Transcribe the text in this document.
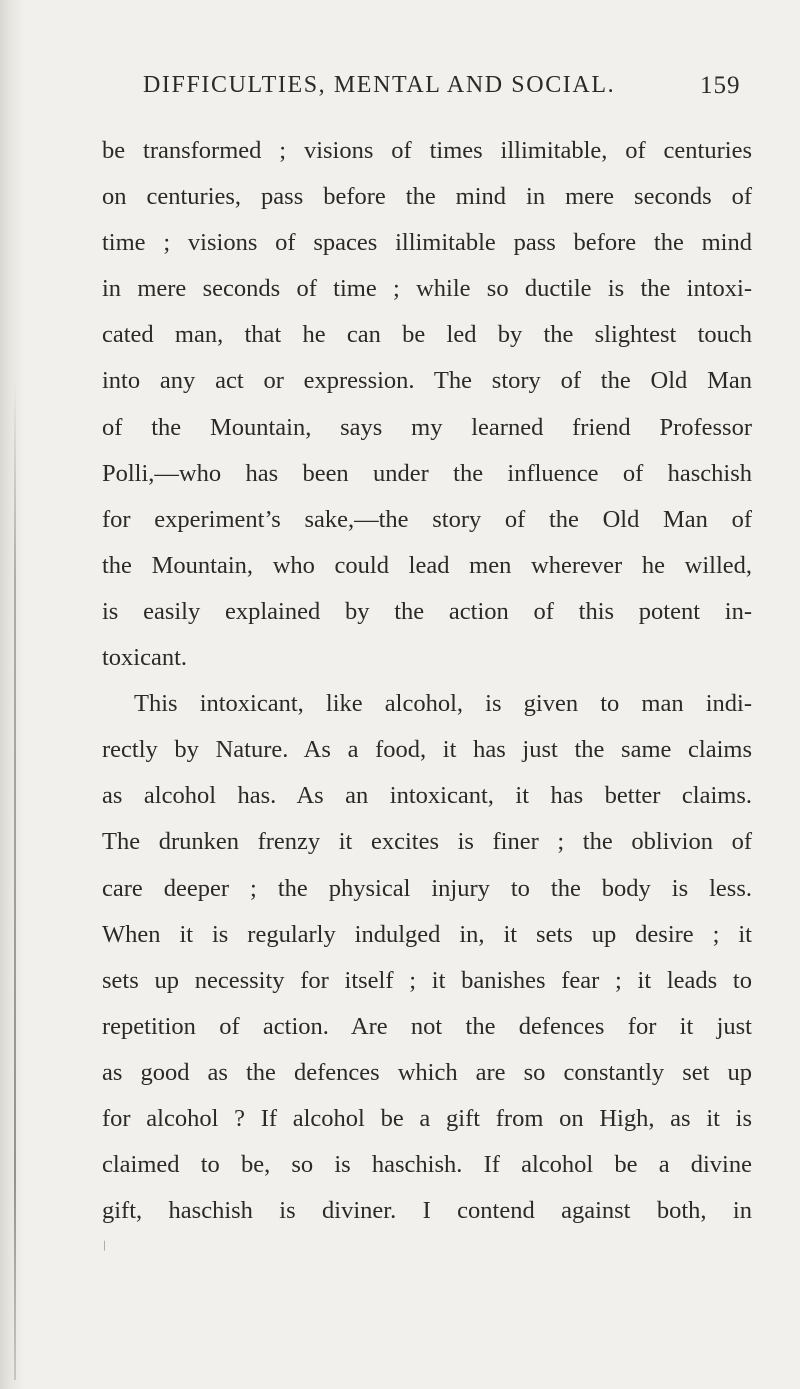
DIFFICULTIES, MENTAL AND SOCIAL.	159
be transformed ; visions of times illimitable, of centuries
on centuries, pass before the mind in mere seconds of
time ; visions of spaces illimitable pass before the mind
in mere seconds of time ; while so ductile is the intoxi-
cated man, that he can be led by the slightest touch
into any act or expression. The story of the Old Man
of the Mountain, says my learned friend Professor
Polli,—who has been under the influence of haschish
for experiment’s sake,—the story of the Old Man of
the Mountain, who could lead men wherever he willed,
is easily explained by the action of this potent in-
toxicant.
This intoxicant, like alcohol, is given to man indi-
rectly by Nature. As a food, it has just the same claims
as alcohol has. As an intoxicant, it has better claims.
The drunken frenzy it excites is finer ; the oblivion of
care deeper ; the physical injury to the body is less.
When it is regularly indulged in, it sets up desire ; it
sets up necessity for itself ; it banishes fear ; it leads to
repetition of action. Are not the defences for it just
as good as the defences which are so constantly set up
for alcohol ? If alcohol be a gift from on High, as it is
claimed to be, so is haschish. If alcohol be a divine
gift, haschish is diviner. I contend against both, in
/
